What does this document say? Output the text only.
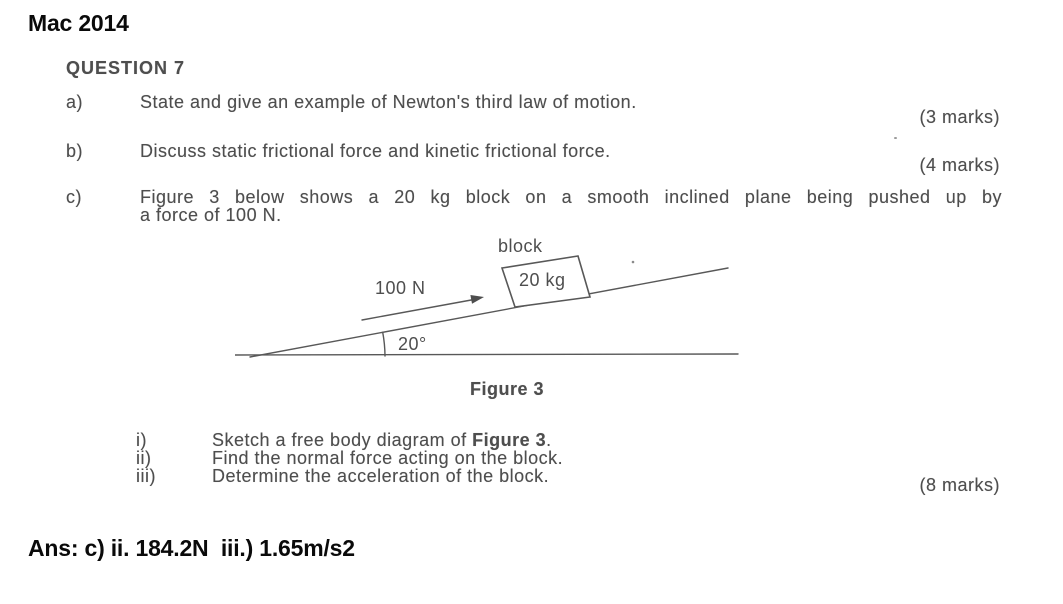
Mac 2014
QUESTION 7
a)	State and give an example of Newton's third law of motion.
(3 marks)
b)	Discuss static frictional force and kinetic frictional force.
(4 marks)
c)	Figure 3 below shows a 20 kg block on a smooth inclined plane being pushed up by
a force of 100 N.
20°
100 N	20 kg
block
Figure 3
i)	Sketch a free body diagram of Figure 3.
ii)	Find the normal force acting on the block.
iii)	Determine the acceleration of the block.	(8 marks)
Ans: c) ii. 184.2N  iii.) 1.65m/s2
